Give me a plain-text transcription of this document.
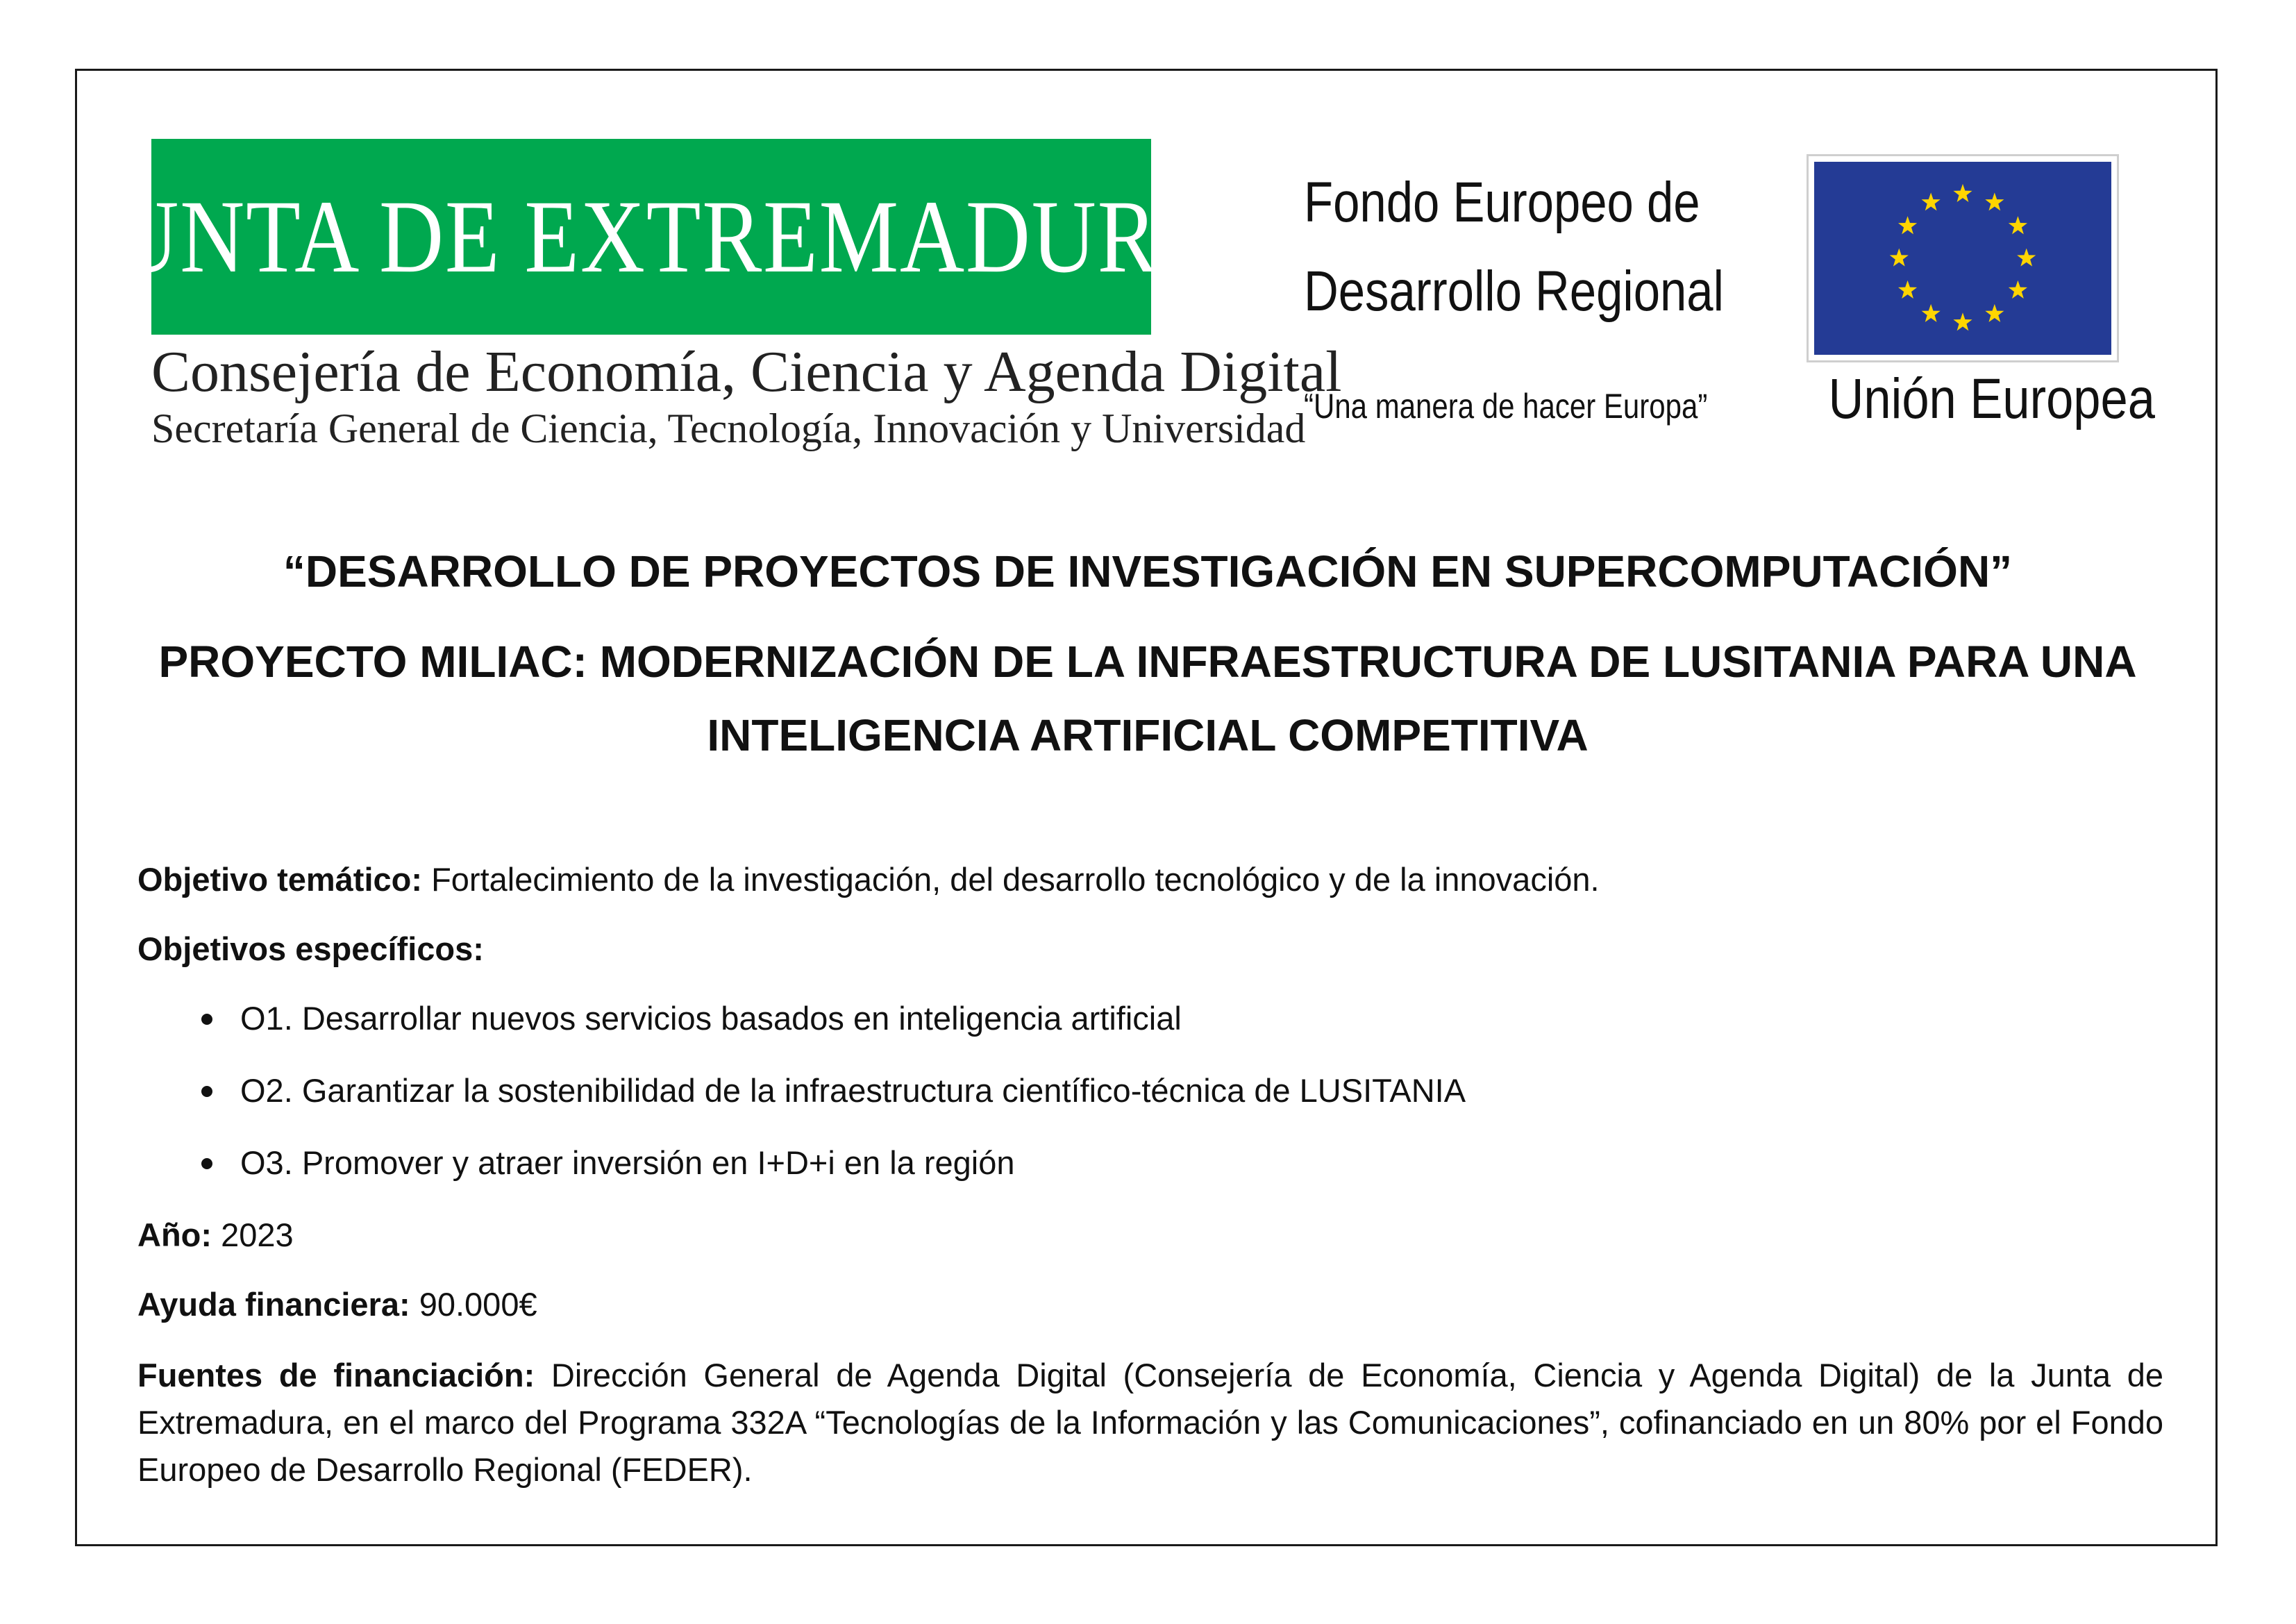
JUNTA DE EXTREMADURA
Consejería de Economía, Ciencia y Agenda Digital
Secretaría General de Ciencia, Tecnología, Innovación y Universidad
Fondo Europeo de
Desarrollo Regional
“Una manera de hacer Europa” Unión Europea
“DESARROLLO DE PROYECTOS DE INVESTIGACIÓN EN SUPERCOMPUTACIÓN”
PROYECTO MILIAC: MODERNIZACIÓN DE LA INFRAESTRUCTURA DE LUSITANIA PARA UNA
INTELIGENCIA ARTIFICIAL COMPETITIVA

Objetivo temático: Fortalecimiento de la investigación, del desarrollo tecnológico y de la innovación.

Objetivos específicos:

O1. Desarrollar nuevos servicios basados en inteligencia artificial
O2. Garantizar la sostenibilidad de la infraestructura científico-técnica de LUSITANIA
O3. Promover y atraer inversión en I+D+i en la región

Año: 2023

Ayuda financiera: 90.000€

Fuentes de financiación: Dirección General de Agenda Digital (Consejería de Economía, Ciencia y Agenda Digital) de la Junta de Extremadura, en el marco del Programa 332A “Tecnologías de la Información y las Comunicaciones”, cofinanciado en un 80% por el Fondo Europeo de Desarrollo Regional (FEDER).
